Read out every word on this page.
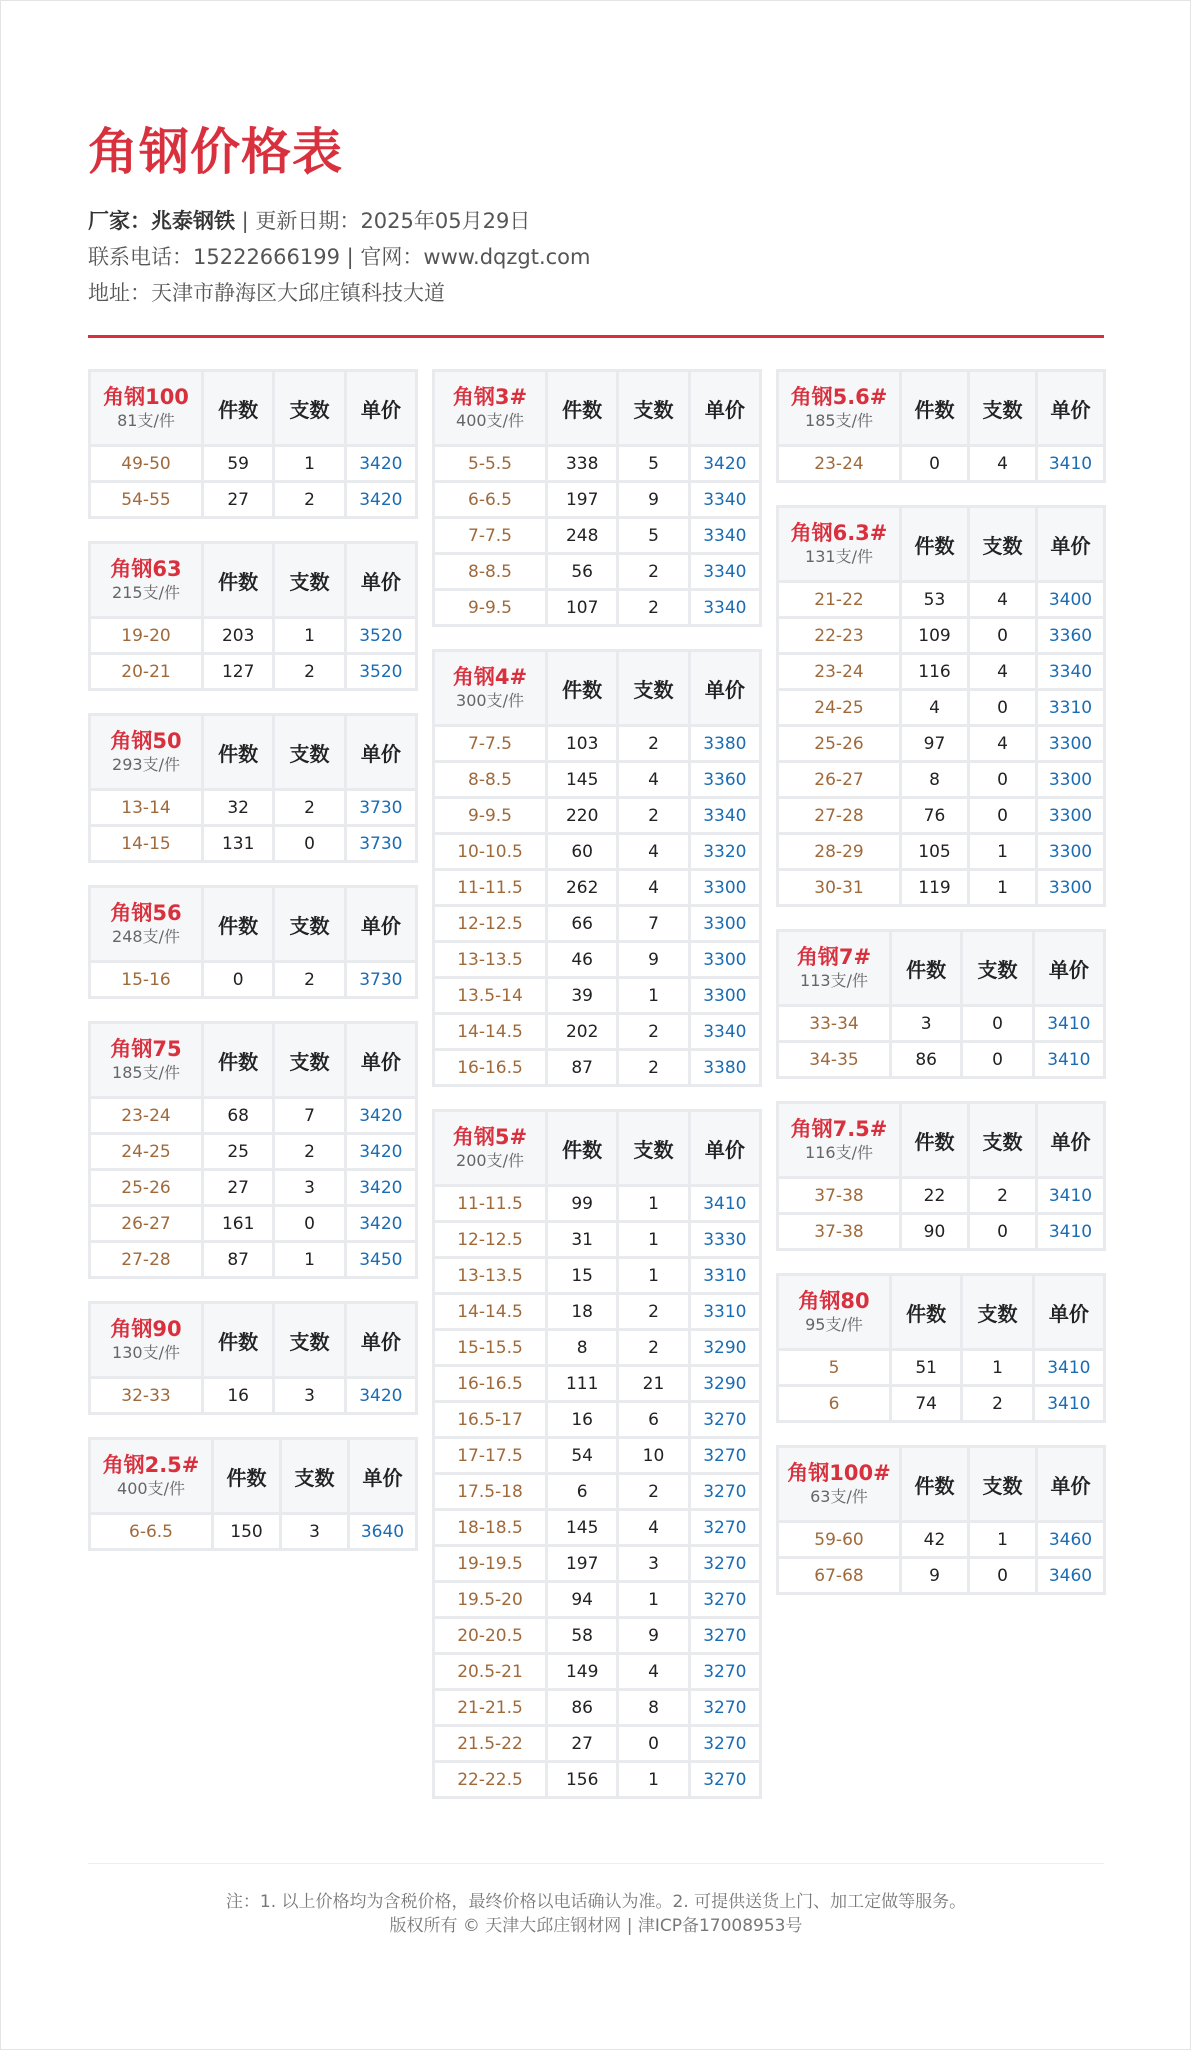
角钢价格表
厂家：兆泰钢铁 | 更新日期：2025年05月29日
联系电话：15222666199 | 官网：www.dqzgt.com
地址：天津市静海区大邱庄镇科技大道
角钢100
81支/件	件数	支数	单价
49-50	59	1	3420
54-55	27	2	3420
角钢63
215支/件	件数	支数	单价
19-20	203	1	3520
20-21	127	2	3520
角钢50
293支/件	件数	支数	单价
13-14	32	2	3730
14-15	131	0	3730
角钢56
248支/件	件数	支数	单价
15-16	0	2	3730
角钢75
185支/件	件数	支数	单价
23-24	68	7	3420
24-25	25	2	3420
25-26	27	3	3420
26-27	161	0	3420
27-28	87	1	3450
角钢90
130支/件	件数	支数	单价
32-33	16	3	3420
角钢2.5#
400支/件	件数	支数	单价
6-6.5	150	3	3640
角钢3#
400支/件	件数	支数	单价
5-5.5	338	5	3420
6-6.5	197	9	3340
7-7.5	248	5	3340
8-8.5	56	2	3340
9-9.5	107	2	3340
角钢4#
300支/件	件数	支数	单价
7-7.5	103	2	3380
8-8.5	145	4	3360
9-9.5	220	2	3340
10-10.5	60	4	3320
11-11.5	262	4	3300
12-12.5	66	7	3300
13-13.5	46	9	3300
13.5-14	39	1	3300
14-14.5	202	2	3340
16-16.5	87	2	3380
角钢5#
200支/件	件数	支数	单价
11-11.5	99	1	3410
12-12.5	31	1	3330
13-13.5	15	1	3310
14-14.5	18	2	3310
15-15.5	8	2	3290
16-16.5	111	21	3290
16.5-17	16	6	3270
17-17.5	54	10	3270
17.5-18	6	2	3270
18-18.5	145	4	3270
19-19.5	197	3	3270
19.5-20	94	1	3270
20-20.5	58	9	3270
20.5-21	149	4	3270
21-21.5	86	8	3270
21.5-22	27	0	3270
22-22.5	156	1	3270
角钢5.6#
185支/件	件数	支数	单价
23-24	0	4	3410
角钢6.3#
131支/件	件数	支数	单价
21-22	53	4	3400
22-23	109	0	3360
23-24	116	4	3340
24-25	4	0	3310
25-26	97	4	3300
26-27	8	0	3300
27-28	76	0	3300
28-29	105	1	3300
30-31	119	1	3300
角钢7#
113支/件	件数	支数	单价
33-34	3	0	3410
34-35	86	0	3410
角钢7.5#
116支/件	件数	支数	单价
37-38	22	2	3410
37-38	90	0	3410
角钢80
95支/件	件数	支数	单价
5	51	1	3410
6	74	2	3410
角钢100#
63支/件	件数	支数	单价
59-60	42	1	3460
67-68	9	0	3460
注：1. 以上价格均为含税价格，最终价格以电话确认为准。2. 可提供送货上门、加工定做等服务。
版权所有 © 天津大邱庄钢材网 | 津ICP备17008953号
